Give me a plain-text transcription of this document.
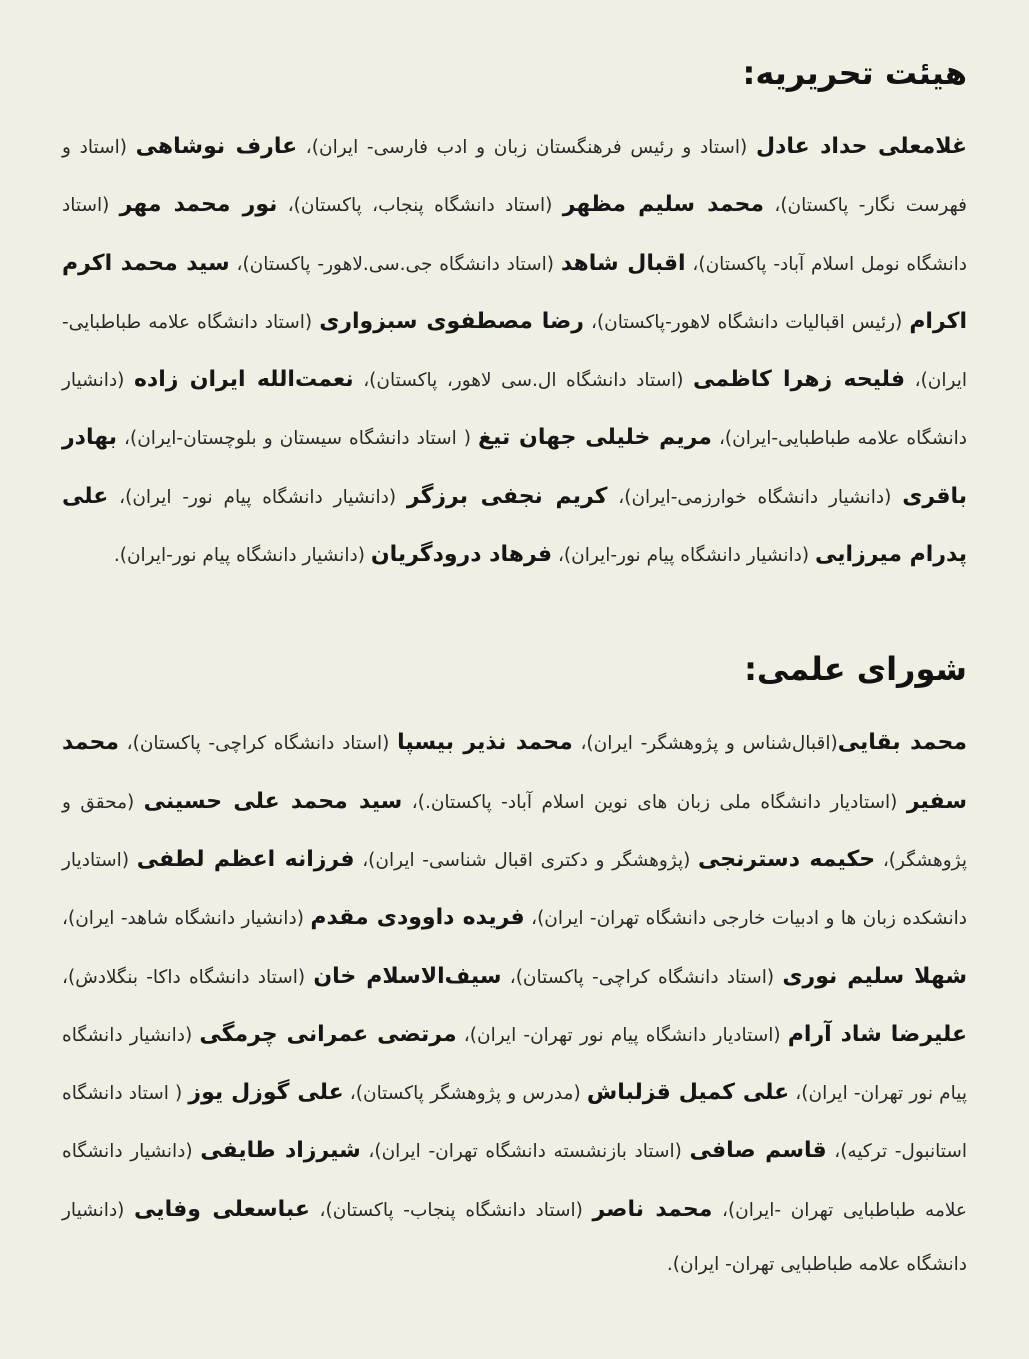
هیئت تحریریه:

غلامعلی حداد عادل (استاد و رئیس فرهنگستان زبان و ادب فارسی- ایران)، عارف نوشاهی (استاد و فهرست نگار- پاکستان)، محمد سلیم مظهر (استاد دانشگاه پنجاب، پاکستان)، نور محمد مهر (استاد دانشگاه نومل اسلام آباد- پاکستان)، اقبال شاهد (استاد دانشگاه جی.سی.لاهور- پاکستان)، سید محمد اکرم اکرام (رئیس اقبالیات دانشگاه لاهور-پاکستان)، رضا مصطفوی سبزواری (استاد دانشگاه علامه طباطبایی- ایران)، فلیحه زهرا کاظمی (استاد دانشگاه ال.سی لاهور، پاکستان)، نعمت‌الله ایران زاده (دانشیار دانشگاه علامه طباطبایی-ایران)، مریم خلیلی جهان تیغ ( استاد دانشگاه سیستان و بلوچستان-ایران)، بهادر باقری (دانشیار دانشگاه خوارزمی-ایران)، کریم نجفی برزگر (دانشیار دانشگاه پیام نور- ایران)، علی پدرام میرزایی (دانشیار دانشگاه پیام نور-ایران)، فرهاد درودگریان (دانشیار دانشگاه پیام نور-ایران).

شورای علمی:

محمد بقایی(اقبال‌شناس و پژوهشگر- ایران)، محمد نذیر بیسپا (استاد دانشگاه کراچی- پاکستان)، محمد سفیر (استادیار دانشگاه ملی زبان های نوین اسلام آباد- پاکستان.)، سید محمد علی حسینی (محقق و پژوهشگر)، حکیمه دسترنجی (پژوهشگر و دکتری اقبال شناسی- ایران)، فرزانه اعظم لطفی (استادیار دانشکده زبان ها و ادبیات خارجی دانشگاه تهران- ایران)، فریده داوودی مقدم (دانشیار دانشگاه شاهد- ایران)، شهلا سلیم نوری (استاد دانشگاه کراچی- پاکستان)، سیف‌الاسلام خان (استاد دانشگاه داکا- بنگلادش)، علیرضا شاد آرام (استادیار دانشگاه پیام نور تهران- ایران)، مرتضی عمرانی چرمگی (دانشیار دانشگاه پیام نور تهران- ایران)، علی کمیل قزلباش (مدرس و پژوهشگر پاکستان)، علی گوزل یوز ( استاد دانشگاه استانبول- ترکیه)، قاسم صافی (استاد بازنشسته دانشگاه تهران- ایران)، شیرزاد طایفی (دانشیار دانشگاه علامه طباطبایی تهران -ایران)، محمد ناصر (استاد دانشگاه پنجاب- پاکستان)، عباسعلی وفایی (دانشیار دانشگاه علامه طباطبایی تهران- ایران).
